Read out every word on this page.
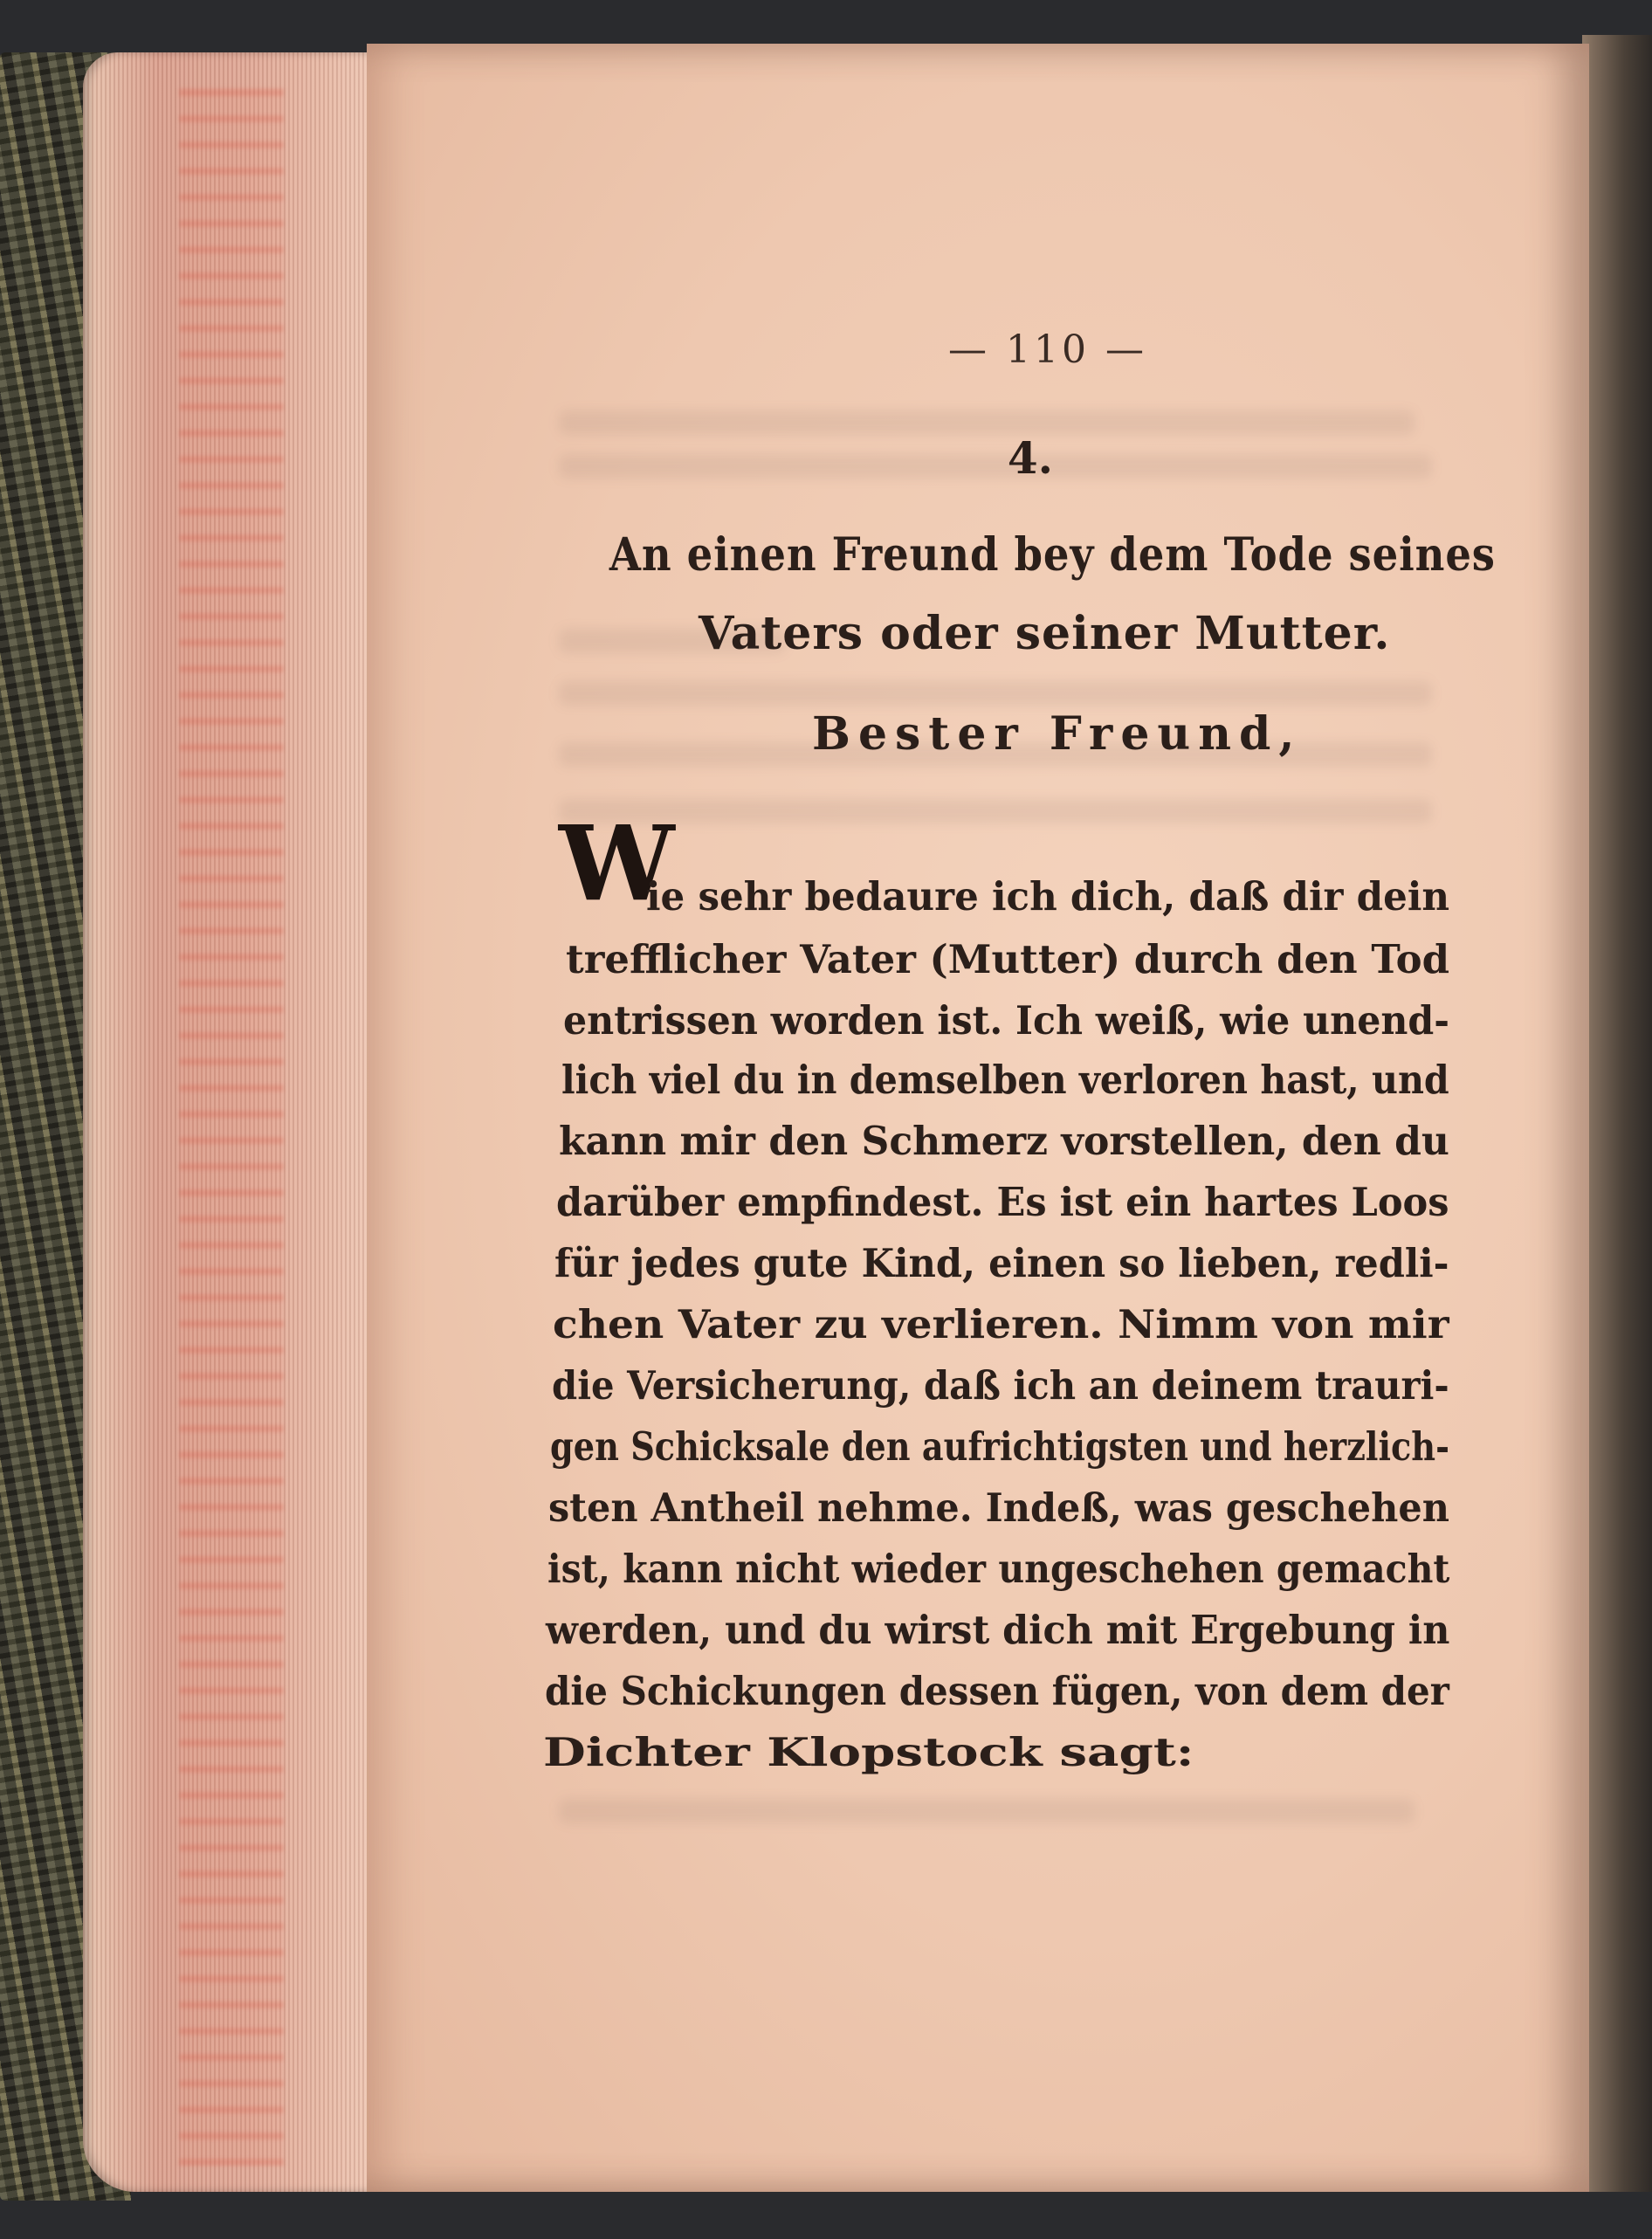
— 110 —
4.
An einen Freund bey dem Tode seines
Vaters oder seiner Mutter.
Bester Freund,
W
ie sehr bedaure ich dich, daß dir dein
trefflicher Vater (Mutter) durch den Tod
entrissen worden ist. Ich weiß, wie unend-
lich viel du in demselben verloren hast, und
kann mir den Schmerz vorstellen, den du
darüber empfindest. Es ist ein hartes Loos
für jedes gute Kind, einen so lieben, redli-
chen Vater zu verlieren. Nimm von mir
die Versicherung, daß ich an deinem trauri-
gen Schicksale den aufrichtigsten und herzlich-
sten Antheil nehme. Indeß, was geschehen
ist, kann nicht wieder ungeschehen gemacht
werden, und du wirst dich mit Ergebung in
die Schickungen dessen fügen, von dem der
Dichter Klopstock sagt:
